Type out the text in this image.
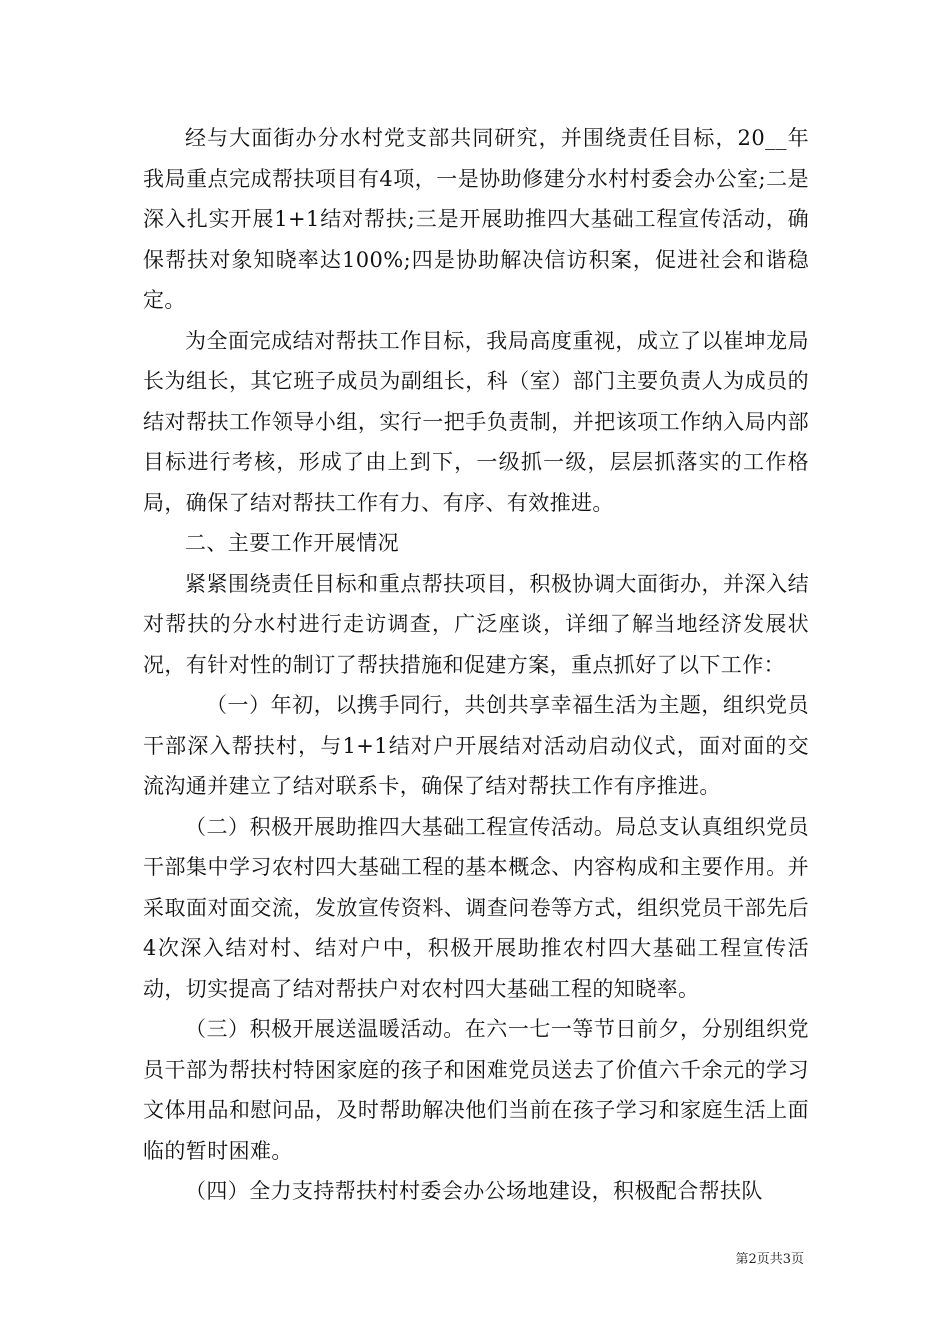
经与大面街办分水村党支部共同研究，并围绕责任目标，20__年我局重点完成帮扶项目有4项，一是协助修建分水村村委会办公室;二是深入扎实开展1+1结对帮扶;三是开展助推四大基础工程宣传活动，确保帮扶对象知晓率达100%;四是协助解决信访积案，促进社会和谐稳定。

为全面完成结对帮扶工作目标，我局高度重视，成立了以崔坤龙局长为组长，其它班子成员为副组长，科（室）部门主要负责人为成员的结对帮扶工作领导小组，实行一把手负责制，并把该项工作纳入局内部目标进行考核，形成了由上到下，一级抓一级，层层抓落实的工作格局，确保了结对帮扶工作有力、有序、有效推进。

二、主要工作开展情况

紧紧围绕责任目标和重点帮扶项目，积极协调大面街办，并深入结对帮扶的分水村进行走访调查，广泛座谈，详细了解当地经济发展状况，有针对性的制订了帮扶措施和促建方案，重点抓好了以下工作：

（一）年初，以携手同行，共创共享幸福生活为主题，组织党员干部深入帮扶村，与1+1结对户开展结对活动启动仪式，面对面的交流沟通并建立了结对联系卡，确保了结对帮扶工作有序推进。

（二）积极开展助推四大基础工程宣传活动。局总支认真组织党员干部集中学习农村四大基础工程的基本概念、内容构成和主要作用。并采取面对面交流，发放宣传资料、调查问卷等方式，组织党员干部先后4次深入结对村、结对户中，积极开展助推农村四大基础工程宣传活动，切实提高了结对帮扶户对农村四大基础工程的知晓率。

（三）积极开展送温暖活动。在六一七一等节日前夕，分别组织党员干部为帮扶村特困家庭的孩子和困难党员送去了价值六千余元的学习文体用品和慰问品，及时帮助解决他们当前在孩子学习和家庭生活上面临的暂时困难。

（四）全力支持帮扶村村委会办公场地建设，积极配合帮扶队

第2页共3页
